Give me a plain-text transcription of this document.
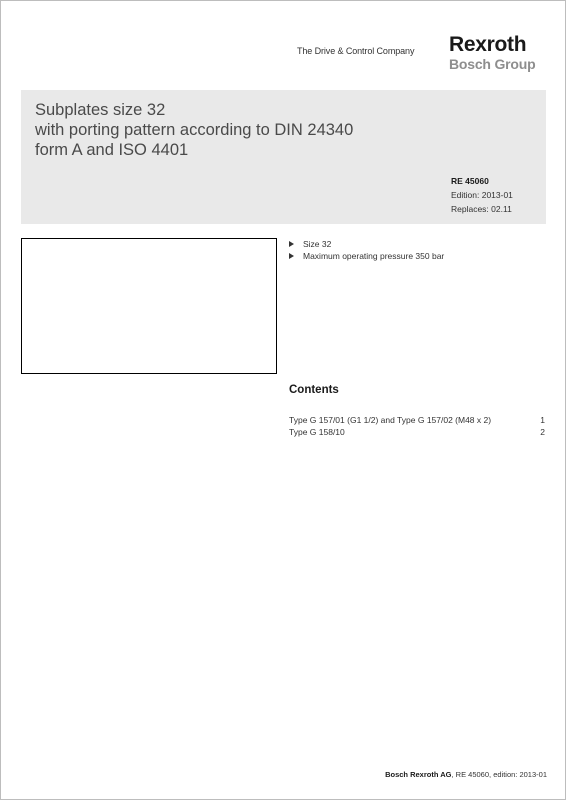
The Drive & Control Company Rexroth
Bosch Group
Subplates size 32
with porting pattern according to DIN 24340
form A and ISO 4401
RE 45060
Edition: 2013-01
Replaces: 02.11
Size 32
Maximum operating pressure 350 bar
Contents
Type G 157/01 (G1 1/2) and Type G 157/02 (M48 x 2)	1
Type G 158/10	2
Bosch Rexroth AG, RE 45060, edition: 2013-01
